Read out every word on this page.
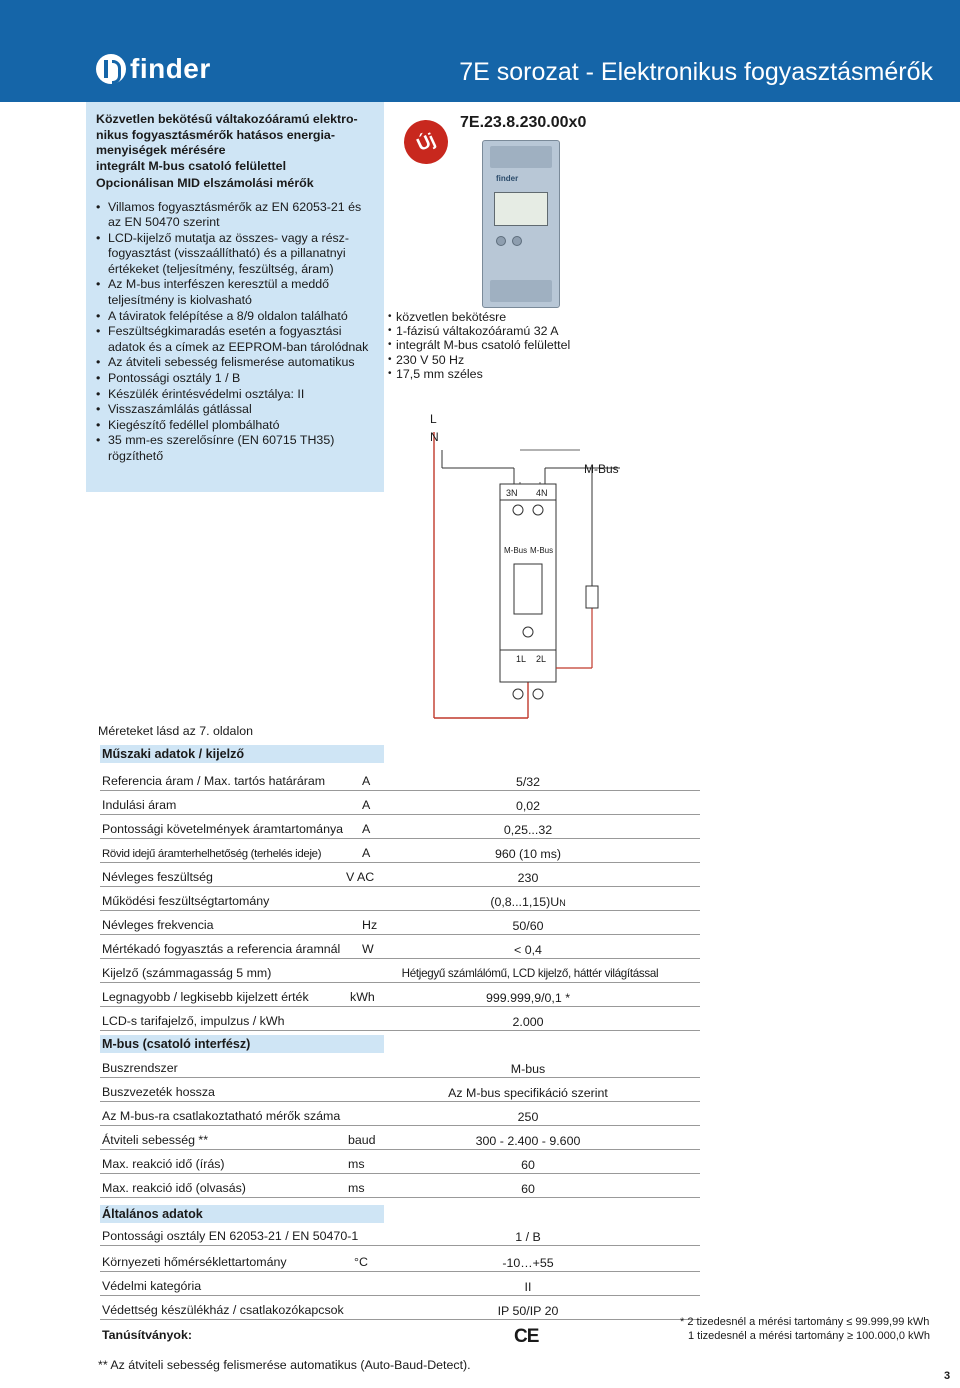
finder	7E sorozat - Elektronikus fogyasztásmérők
Közvetlen bekötésű váltakozóáramú elektro-
nikus fogyasztásmérők hatásos energia-
menyiségek mérésére
integrált M-bus csatoló felülettel
Opcionálisan MID elszámolási mérők
• Villamos fogyasztásmérők az EN 62053-21 és az EN 50470 szerint
• LCD-kijelző mutatja az összes- vagy a rész- fogyasztást (visszaállítható) és a pillanatnyi értékeket (teljesítmény, feszültség, áram)
• Az M-bus interfészen keresztül a meddő teljesítmény is kiolvasható
• A táviratok felépítése a 8/9 oldalon található
• Feszültségkimaradás esetén a fogyasztási adatok és a címek az EEPROM-ban tárolódnak
• Az átviteli sebesség felismerése automatikus
• Pontossági osztály 1 / B
• Készülék érintésvédelmi osztálya: II
• Visszaszámlálás gátlással
• Kiegészítő fedéllel plombálható
• 35 mm-es szerelősínre (EN 60715 TH35) rögzíthető
Új
7E.23.8.230.00x0
finder
• közvetlen bekötésre
• 1-fázisú váltakozóáramú 32 A
• integrált M-bus csatoló felülettel
• 230 V 50 Hz
• 17,5 mm széles
L
N
M-Bus
3N 4N
M-Bus M-Bus
1L 2L
Méreteket lásd az 7. oldalon
Műszaki adatok / kijelző
Referencia áram / Max. tartós határáram	A	5/32
Indulási áram	A	0,02
Pontossági követelmények áramtartománya A	0,25...32
Rövid idejű áramterhelhetőség (terhelés ideje)	A	960 (10 ms)
Névleges feszültség	V AC	230
Működési feszültségtartomány	(0,8...1,15)UN
Névleges frekvencia	Hz	50/60
Mértékadó fogyasztás a referencia áramnál W	< 0,4
Kijelző (számmagasság 5 mm)	Hétjegyű számlálómű, LCD kijelző, háttér világítással
Legnagyobb / legkisebb kijelzett érték	kWh	999.999,9/0,1 *
LCD-s tarifajelző, impulzus / kWh	2.000
M-bus (csatoló interfész)
Buszrendszer	M-bus
Buszvezeték hossza	Az M-bus specifikáció szerint
Az M-bus-ra csatlakoztatható mérők száma	250
Átviteli sebesség **	baud	300 - 2.400 - 9.600
Max. reakció idő (írás)	ms	60
Max. reakció idő (olvasás)	ms	60
Általános adatok
Pontossági osztály EN 62053-21 / EN 50470-1	1 / B
Környezeti hőmérséklettartomány	°C	-10…+55
Védelmi kategória	II
Védettség készülékház / csatlakozókapcsok	IP 50/IP 20
Tanúsítványok:	CE
* 2 tizedesnél a mérési tartomány ≤ 99.999,99 kWh
1 tizedesnél a mérési tartomány ≥ 100.000,0 kWh
** Az átviteli sebesség felismerése automatikus (Auto-Baud-Detect).
3
